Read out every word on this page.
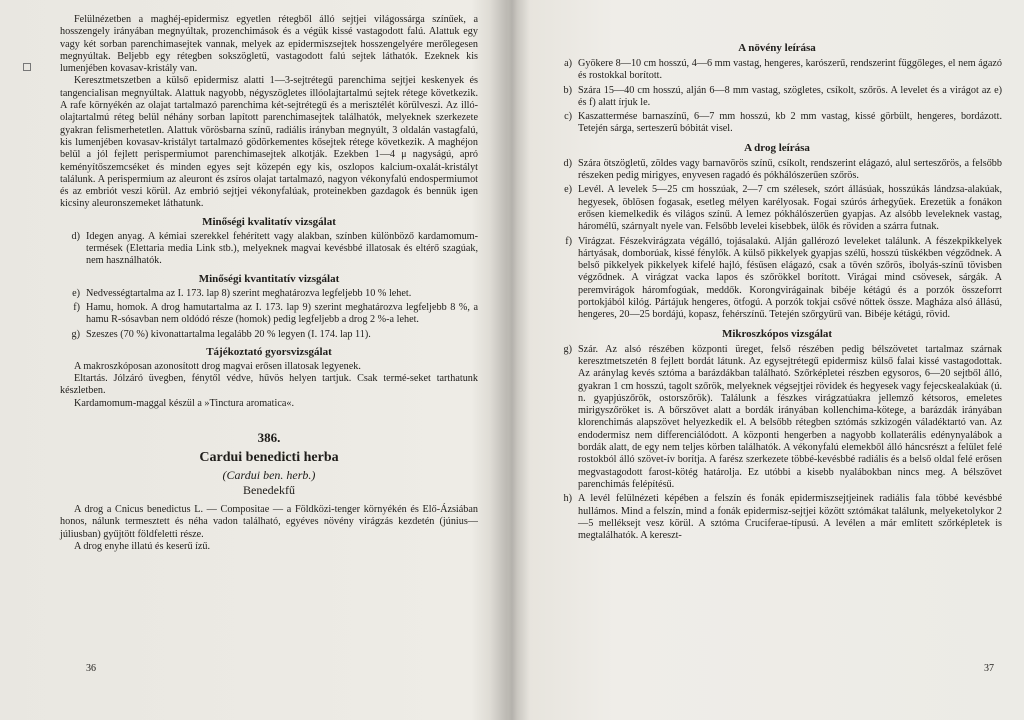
Felülnézetben a maghéj-epidermisz egyetlen rétegből álló sejtjei világossárga színűek, a hosszengely irányában megnyúltak, prozenchimások és a végük kissé vastagodott falú. Alattuk egy vagy két sorban parenchimasejtek vannak, melyek az epidermiszsejtek hosszengelyére merőlegesen megnyúltak. Beljebb egy rétegben sokszögletű, vastagodott falú sejtek láthatók. Ezeknek kis lumenjében kovasav-kristály van.

Keresztmetszetben a külső epidermisz alatti 1—3-sejtrétegű parenchima sejtjei keskenyek és tangencialisan megnyúltak. Alattuk nagyobb, négyszögletes illóolajtartalmú sejtek rétege következik. A rafe környékén az olajat tartalmazó parenchima két-sejtrétegű és a merisztélét körülveszi. Az illó-olajtartalmú réteg belül néhány sorban lapított parenchimasejtek találhatók, melyeknek szerkezete gyakran felismerhetetlen. Alattuk vörösbarna színű, radiális irányban megnyúlt, 3 oldalán vastagfalú, kis lumenjében kovasav-kristályt tartalmazó gödörkementes kősejtek rétege következik. A maghéjon belül a jól fejlett perispermiumot parenchimasejtek alkotják. Ezekben 1—4 μ nagyságú, apró keményítőszemcséket és minden egyes sejt közepén egy kis, oszlopos kalcium-oxalát-kristályt találunk. A perispermium az aleuront és zsíros olajat tartalmazó, nagyon vékonyfalú endospermiumot és az embriót veszi körül. Az embrió sejtjei vékonyfalúak, proteinekben gazdagok és bennük igen kicsiny aleuronszemeket láthatunk.

Minőségi kvalitatív vizsgálat
d) Idegen anyag. A kémiai szerekkel fehérített vagy alakban, színben különböző kardamomum-termések (Elettaria media Link stb.), melyeknek magvai kevésbbé illatosak és eltérő szagúak, nem használhatók.
Minőségi kvantitatív vizsgálat
e) Nedvességtartalma az I. 173. lap 8) szerint meghatározva legfeljebb 10 % lehet.
f) Hamu, homok. A drog hamutartalma az I. 173. lap 9) szerint meghatározva legfeljebb 8 %, a hamu R-sósavban nem oldódó része (homok) pedig legfeljebb a drog 2 %-a lehet.
g) Szeszes (70 %) kivonattartalma legalább 20 % legyen (I. 174. lap 11).
Tájékoztató gyorsvizsgálat

A makroszkóposan azonosított drog magvai erősen illatosak legyenek.

Eltartás. Jólzáró üvegben, fénytől védve, hűvös helyen tartjuk. Csak termé-seket tarthatunk készletben.

Kardamomum-maggal készül a »Tinctura aromatica«.

386.
Cardui benedicti herba
(Cardui ben. herb.)
Benedekfű

A drog a Cnicus benedictus L. — Compositae — a Földközi-tenger környékén és Elő-Ázsiában honos, nálunk termesztett és néha vadon található, egyéves növény virágzás kezdetén (június—júliusban) gyűjtött földfeletti része.

A drog enyhe illatú és keserű ízű.

36
A növény leírása
a) Gyökere 8—10 cm hosszú, 4—6 mm vastag, hengeres, karószerű, rendszerint függőleges, el nem ágazó és rostokkal borított.
b) Szára 15—40 cm hosszú, alján 6—8 mm vastag, szögletes, csíkolt, szőrös. A levelet és a virágot az e) és f) alatt írjuk le.
c) Kaszattermése barnaszínű, 6—7 mm hosszú, kb 2 mm vastag, kissé görbült, hengeres, bordázott. Tetején sárga, serteszerű bóbitát visel.
A drog leírása
d) Szára ötszögletű, zöldes vagy barnavörös színű, csíkolt, rendszerint elágazó, alul serteszőrös, a felsőbb részeken pedig mirigyes, enyvesen ragadó és pókhálószerűen szőrös.
e) Levél. A levelek 5—25 cm hosszúak, 2—7 cm szélesek, szórt állásúak, hosszúkás lándzsa-alakúak, hegyesek, öblösen fogasak, esetleg mélyen karélyosak. Fogai szúrós árhegyűek. Erezetük a fonákon erősen kiemelkedik és világos színű. A lemez pókhálószerűen gyapjas. Az alsóbb leveleknek vastag, háromélű, szárnyalt nyele van. Felsőbb levelei kisebbek, ülők és röviden a szárra futnak.
f) Virágzat. Fészekvirágzata végálló, tojásalakú. Alján gallérozó leveleket találunk. A fészekpikkelyek hártyásak, domborúak, kissé fénylők. A külső pikkelyek gyapjas szélű, hosszú tüskékben végződnek. A belső pikkelyek pikkelyek kifelé hajló, fésűsen elágazó, csak a tövén szőrös, ibolyás-színű tövisben végződnek. A virágzat vacka lapos és szőrökkel borított. Virágai mind csövesek, sárgák. A peremvirágok háromfogúak, meddők. Korongvirágainak bibéje kétágú és a porzók összeforrt portokjából kilóg. Pártájuk hengeres, ötfogú. A porzók tokjai csővé nőttek össze. Magháza alsó állású, hengeres, 20—25 bordájú, kopasz, fehérszínű. Tetején szőrgyűrű van. Bibéje kétágú, rövid.
Mikroszkópos vizsgálat
g) Szár. Az alsó részében központi üreget, felső részében pedig bélszövetet tartalmaz szárnak keresztmetszetén 8 fejlett bordát látunk. Az egysejtrétegű epidermisz külső falai kissé vastagodottak. Az aránylag kevés sztóma a barázdákban található. Szőrképletei részben egysoros, 6—20 sejtből álló, gyakran 1 cm hosszú, tagolt szőrök, melyeknek végsejtjei rövidek és hegyesek vagy fejecskealakúak (ú. n. gyapjúszőrök, ostorszőrök). Találunk a fészkes virágzatúakra jellemző kétsoros, emeletes mirigyszőröket is. A bőrszövet alatt a bordák irányában kollenchima-kötege, a barázdák irányában klorenchimás alapszövet helyezkedik el. A belsőbb rétegben sztómás szkizogén váladéktartó van. Az endodermisz nem differenciálódott. A központi hengerben a nagyobb kollaterális edénynyalábok a bordák alatt, de egy nem teljes körben találhatók. A vékonyfalú elemekből álló háncsrészt a felület felé rostokból álló szövet-ív borítja. A farész szerkezete többé-kevésbbé radiális és a belső oldal felé erősen megvastagodott farost-kötég határolja. Ez utóbbi a kisebb nyalábokban nincs meg. A bélszövet parenchimás felépítésű.
h) A levél felülnézeti képében a felszín és fonák epidermiszsejtjeinek radiális fala többé kevésbbé hullámos. Mind a felszín, mind a fonák epidermisz-sejtjei között sztómákat találunk, melyeketolykor 2—5 melléksejt vesz körül. A sztóma Cruciferae-típusú. A levélen a már említett szőrképletek is megtalálhatók. A kereszt-
37
